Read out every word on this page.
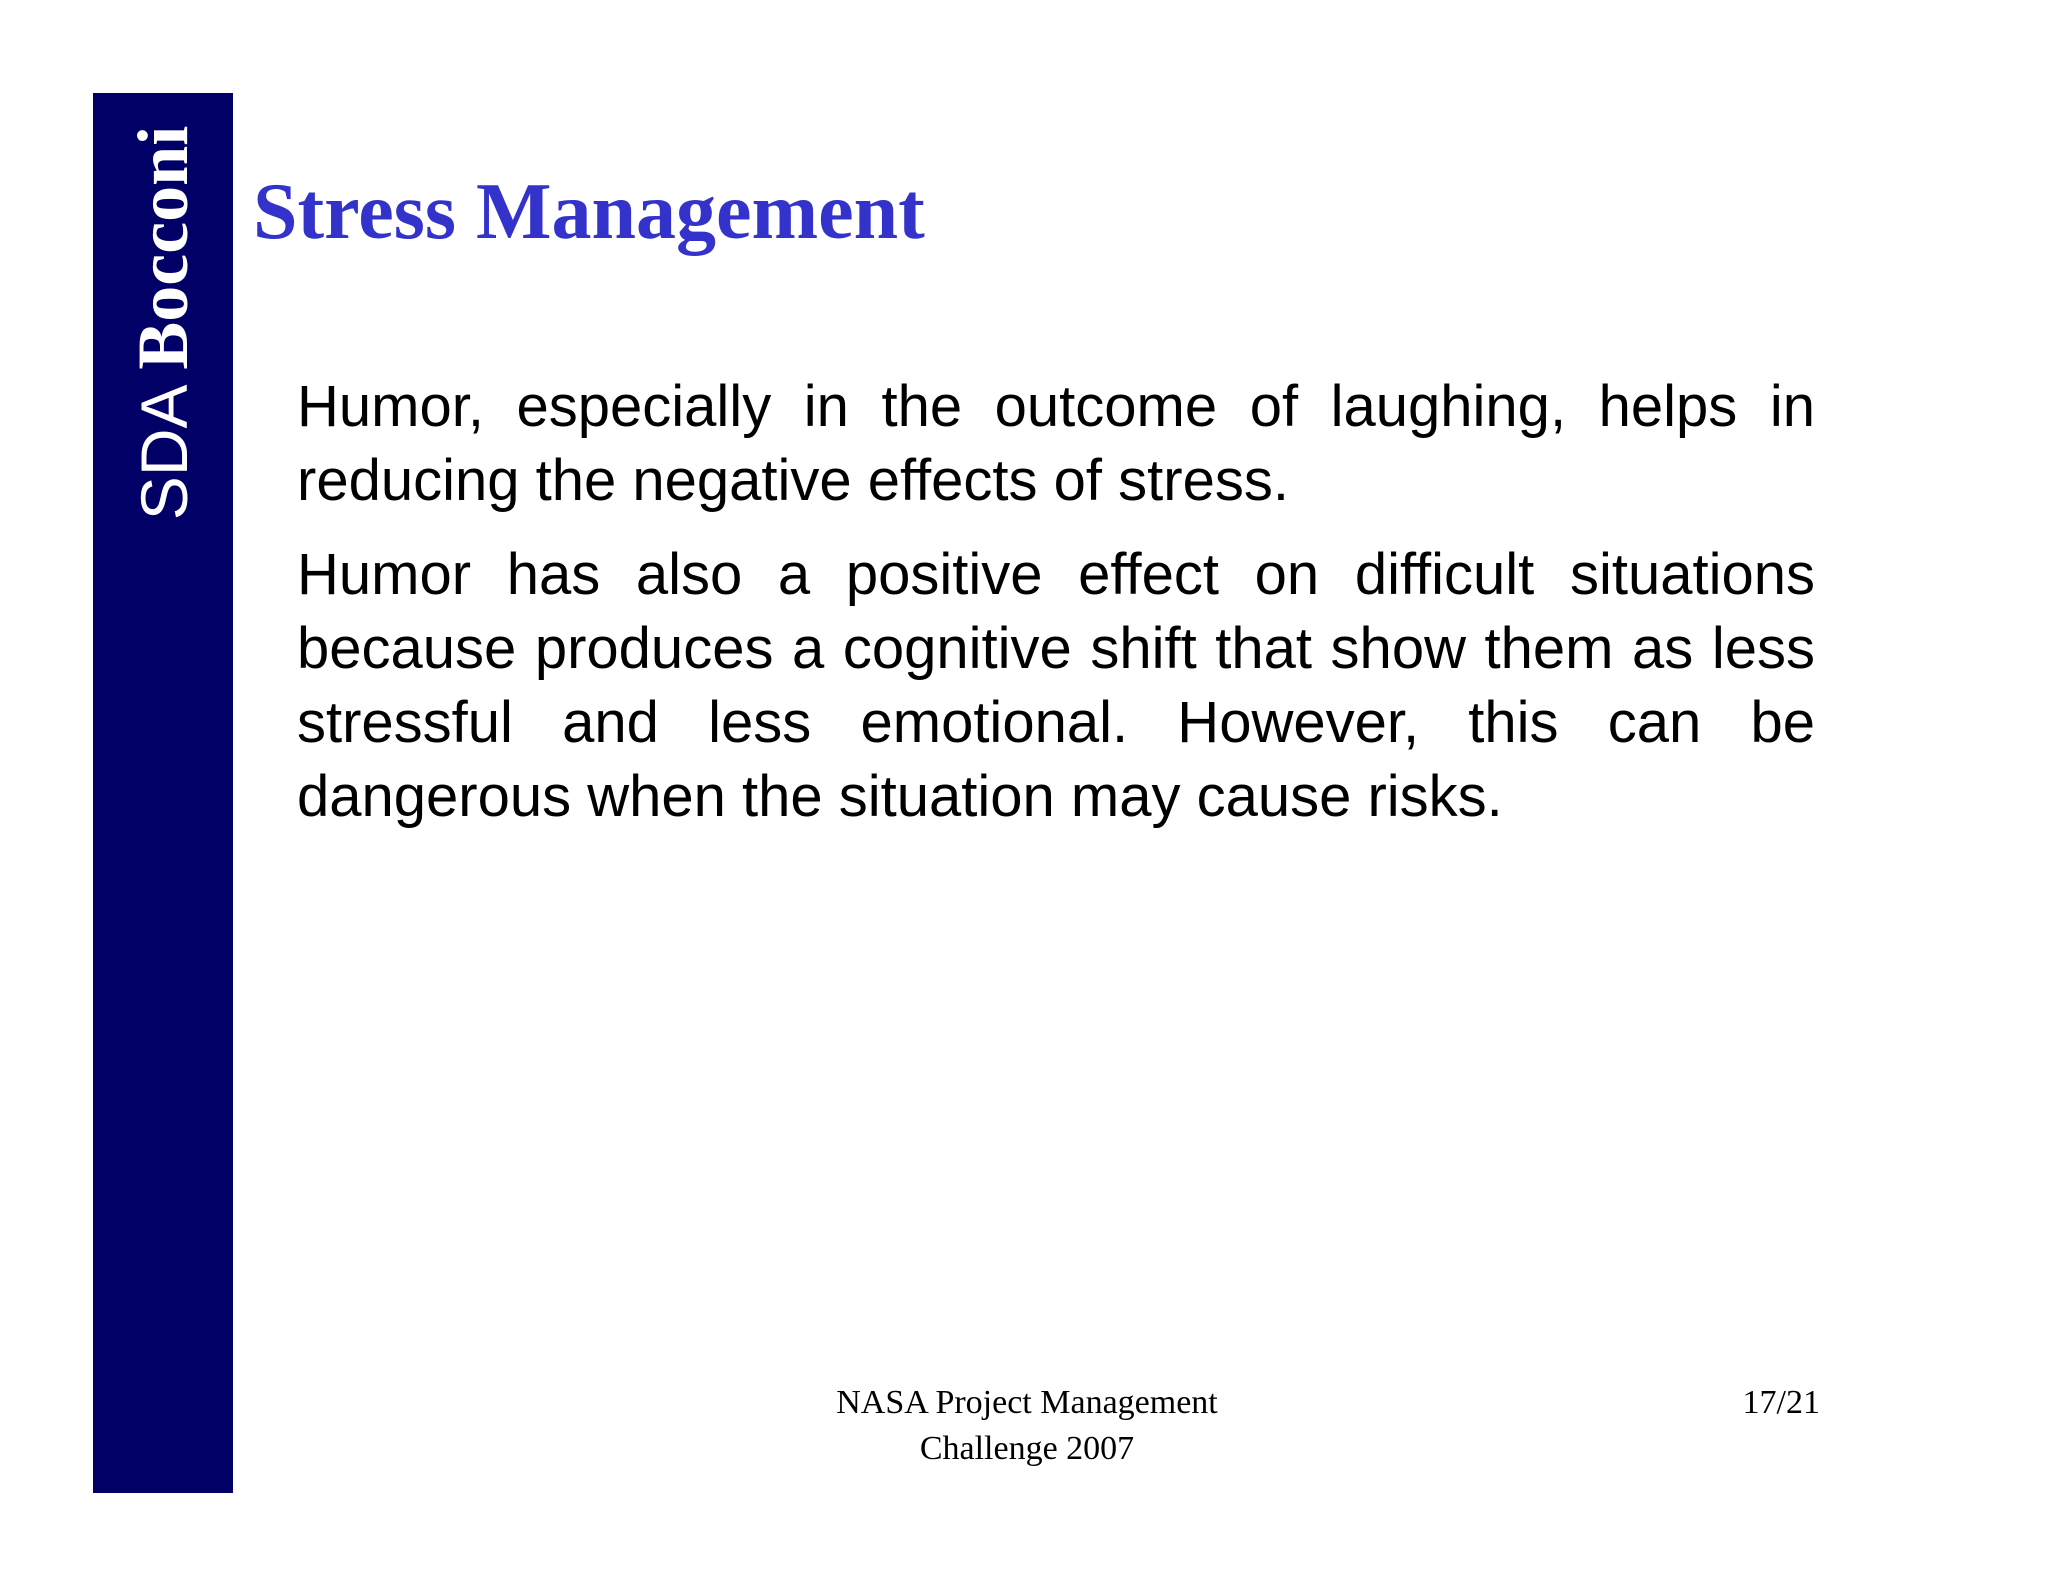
SDA Bocconi Stress Management

Humor, especially in the outcome of laughing, helps in reducing the negative effects of stress.

Humor has also a positive effect on difficult situations because produces a cognitive shift that show them as less stressful and less emotional. However, this can be dangerous when the situation may cause risks.

NASA Project Management
Challenge 2007
17/21
